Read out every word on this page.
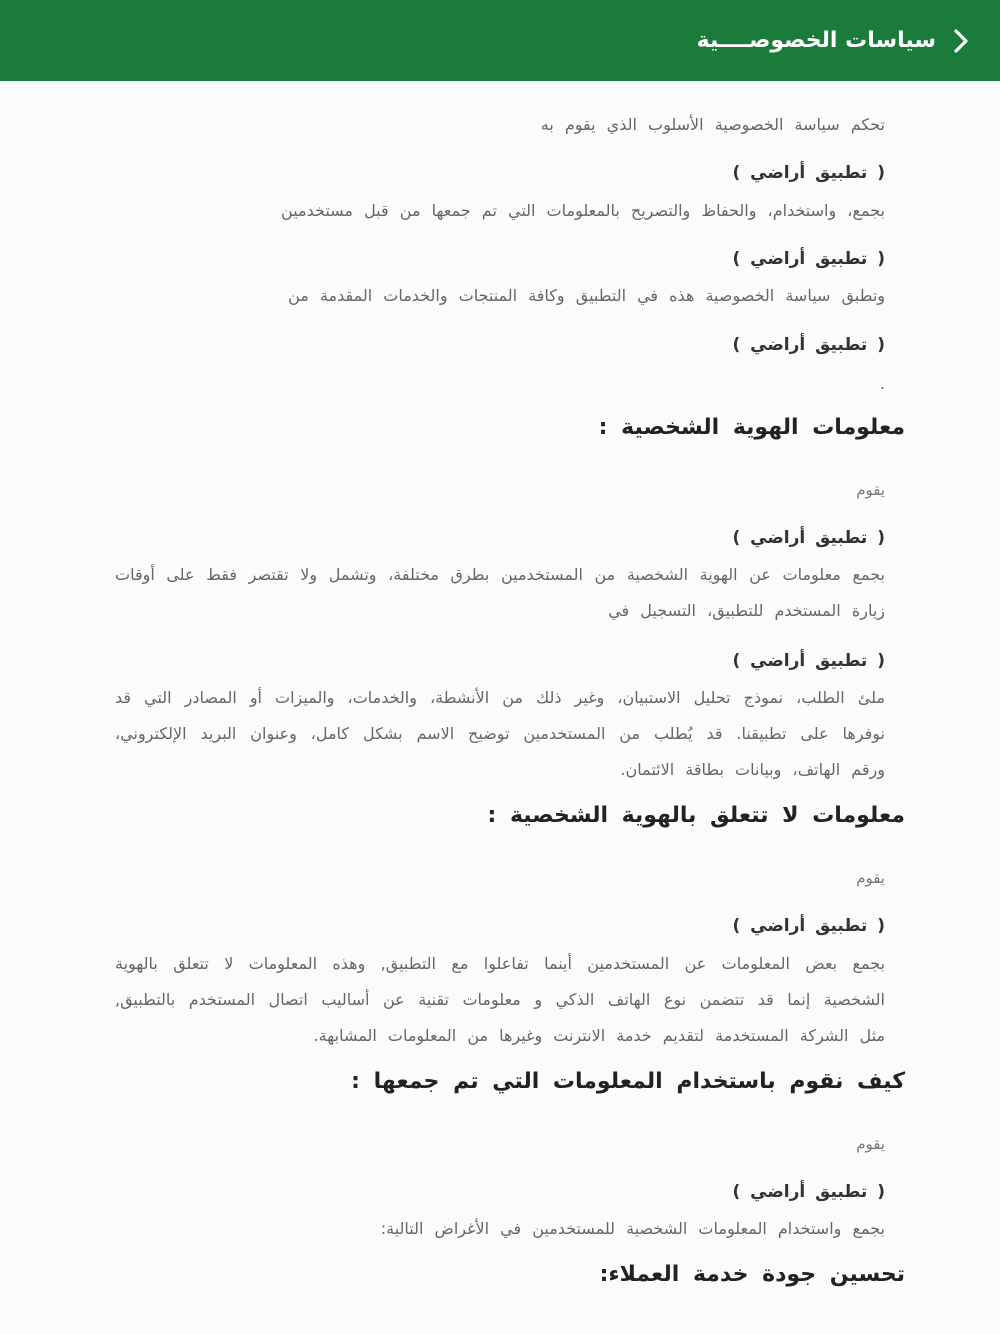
سياسات الخصوصــــية
تحكم سياسة الخصوصية الأسلوب الذي يقوم به
( تطبيق أراضي )
بجمع، واستخدام، والحفاظ والتصريح بالمعلومات التي تم جمعها من قبل مستخدمين
( تطبيق أراضي )
وتطبق سياسة الخصوصية هذه في التطبيق وكافة المنتجات والخدمات المقدمة من
( تطبيق أراضي )
.
معلومات الهوية الشخصية :
يقوم
( تطبيق أراضي )
بجمع معلومات عن الهوية الشخصية من المستخدمين بطرق مختلفة، وتشمل ولا تقتصر فقط على أوقات زيارة المستخدم للتطبيق، التسجيل في
( تطبيق أراضي )
ملئ الطلب، نموذج تحليل الاستبيان، وغير ذلك من الأنشطة، والخدمات، والميزات أو المصادر التي قد نوفرها على تطبيقنا. قد يُطلب من المستخدمين توضيح الاسم بشكل كامل، وعنوان البريد الإلكتروني، ورقم الهاتف، وبيانات بطاقة الائتمان.
معلومات لا تتعلق بالهوية الشخصية :
يقوم
( تطبيق أراضي )
بجمع بعض المعلومات عن المستخدمين أينما تفاعلوا مع التطبيق, وهذه المعلومات لا تتعلق بالهوية الشخصية إنما قد تتضمن نوع الهاتف الذكي و معلومات تقنية عن أساليب اتصال المستخدم بالتطبيق, مثل الشركة المستخدمة لتقديم خدمة الانترنت وغيرها من المعلومات المشابهة.
كيف نقوم باستخدام المعلومات التي تم جمعها :
يقوم
( تطبيق أراضي )
بجمع واستخدام المعلومات الشخصية للمستخدمين في الأغراض التالية:
تحسين جودة خدمة العملاء:
